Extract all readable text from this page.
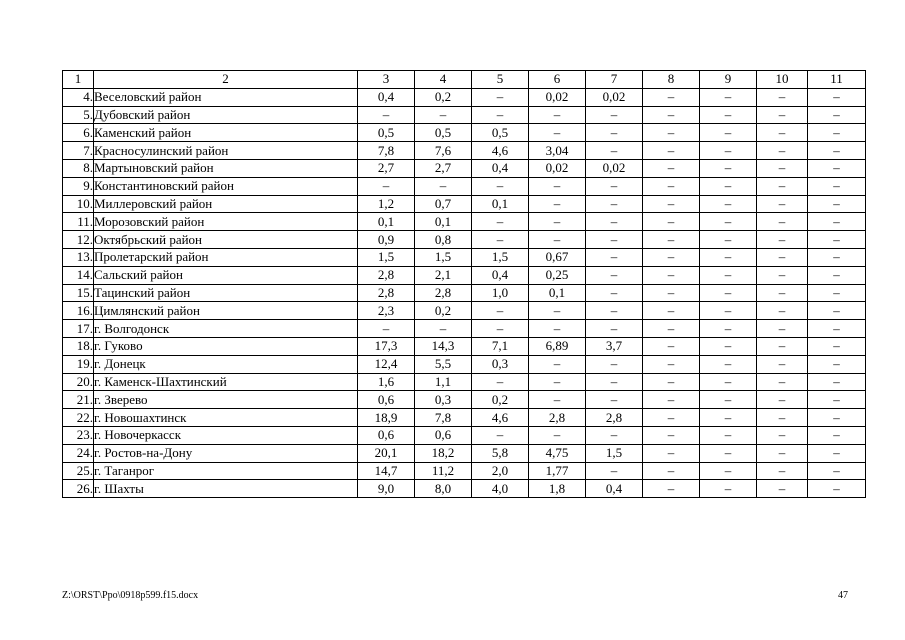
1	2	3	4	5	6	7	8	9	10	11
4.	Веселовский район	0,4	0,2	–	0,02	0,02	–	–	–	–
5.	Дубовский район	–	–	–	–	–	–	–	–	–
6.	Каменский район	0,5	0,5	0,5	–	–	–	–	–	–
7.	Красносулинский район	7,8	7,6	4,6	3,04	–	–	–	–	–
8.	Мартыновский район	2,7	2,7	0,4	0,02	0,02	–	–	–	–
9.	Константиновский район	–	–	–	–	–	–	–	–	–
10.	Миллеровский район	1,2	0,7	0,1	–	–	–	–	–	–
11.	Морозовский район	0,1	0,1	–	–	–	–	–	–	–
12.	Октябрьский район	0,9	0,8	–	–	–	–	–	–	–
13.	Пролетарский район	1,5	1,5	1,5	0,67	–	–	–	–	–
14.	Сальский район	2,8	2,1	0,4	0,25	–	–	–	–	–
15.	Тацинский район	2,8	2,8	1,0	0,1	–	–	–	–	–
16.	Цимлянский район	2,3	0,2	–	–	–	–	–	–	–
17.	г. Волгодонск	–	–	–	–	–	–	–	–	–
18.	г. Гуково	17,3	14,3	7,1	6,89	3,7	–	–	–	–
19.	г. Донецк	12,4	5,5	0,3	–	–	–	–	–	–
20.	г. Каменск-Шахтинский	1,6	1,1	–	–	–	–	–	–	–
21.	г. Зверево	0,6	0,3	0,2	–	–	–	–	–	–
22.	г. Новошахтинск	18,9	7,8	4,6	2,8	2,8	–	–	–	–
23.	г. Новочеркасск	0,6	0,6	–	–	–	–	–	–	–
24.	г. Ростов-на-Дону	20,1	18,2	5,8	4,75	1,5	–	–	–	–
25.	г. Таганрог	14,7	11,2	2,0	1,77	–	–	–	–	–
26.	г. Шахты	9,0	8,0	4,0	1,8	0,4	–	–	–	–
Z:\ORST\Ppo\0918p599.f15.docx	47
